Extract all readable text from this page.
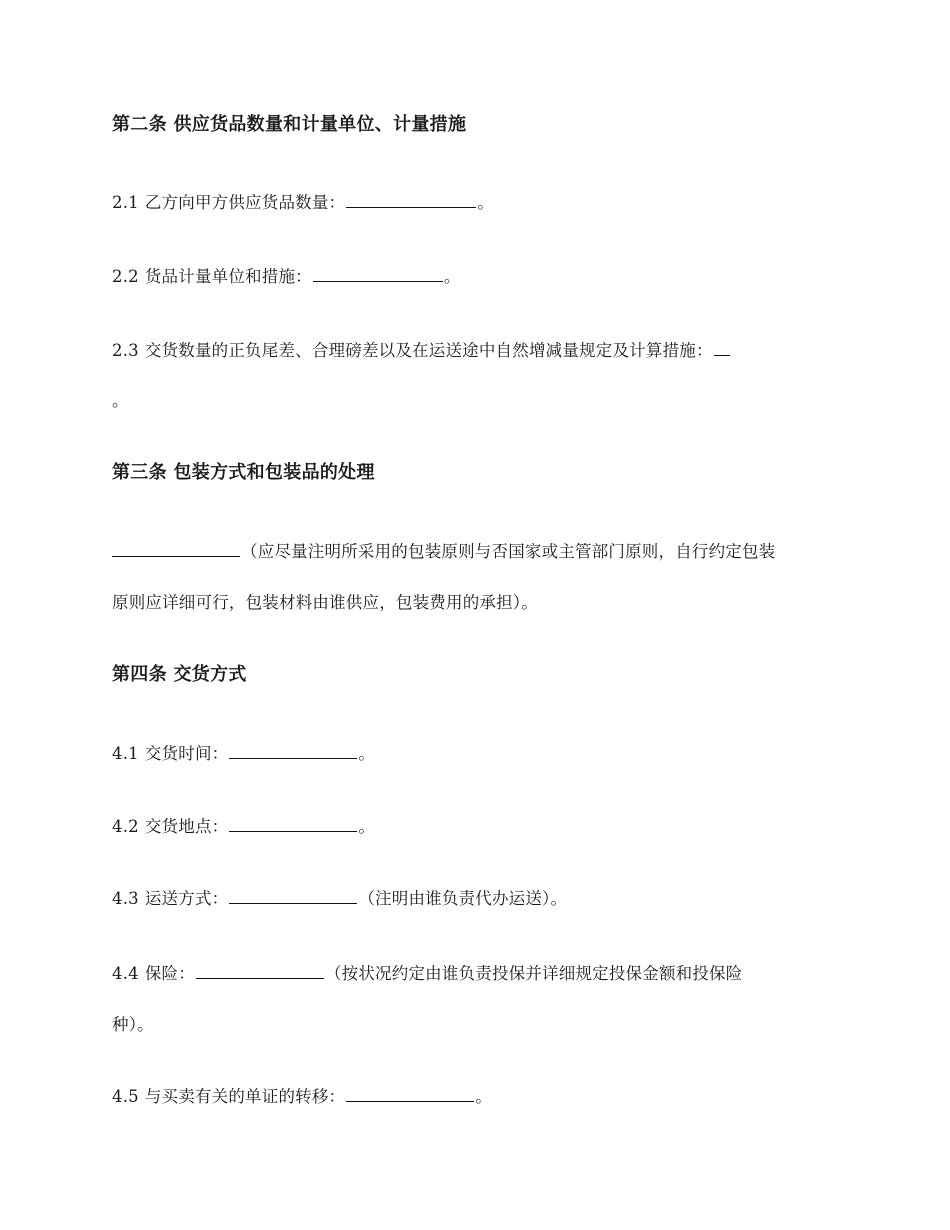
第二条 供应货品数量和计量单位、计量措施
2.1 乙方向甲方供应货品数量：	。
2.2 货品计量单位和措施：	。
2.3 交货数量的正负尾差、合理磅差以及在运送途中自然增减量规定及计算措施：
。
第三条 包装方式和包装品的处理
（应尽量注明所采用的包装原则与否国家或主管部门原则，自行约定包装
原则应详细可行，包装材料由谁供应，包装费用的承担）。
第四条 交货方式
4.1 交货时间：	。
4.2 交货地点：	。
4.3 运送方式：	（注明由谁负责代办运送）。
4.4 保险：	（按状况约定由谁负责投保并详细规定投保金额和投保险
种）。
4.5 与买卖有关的单证的转移：	。
